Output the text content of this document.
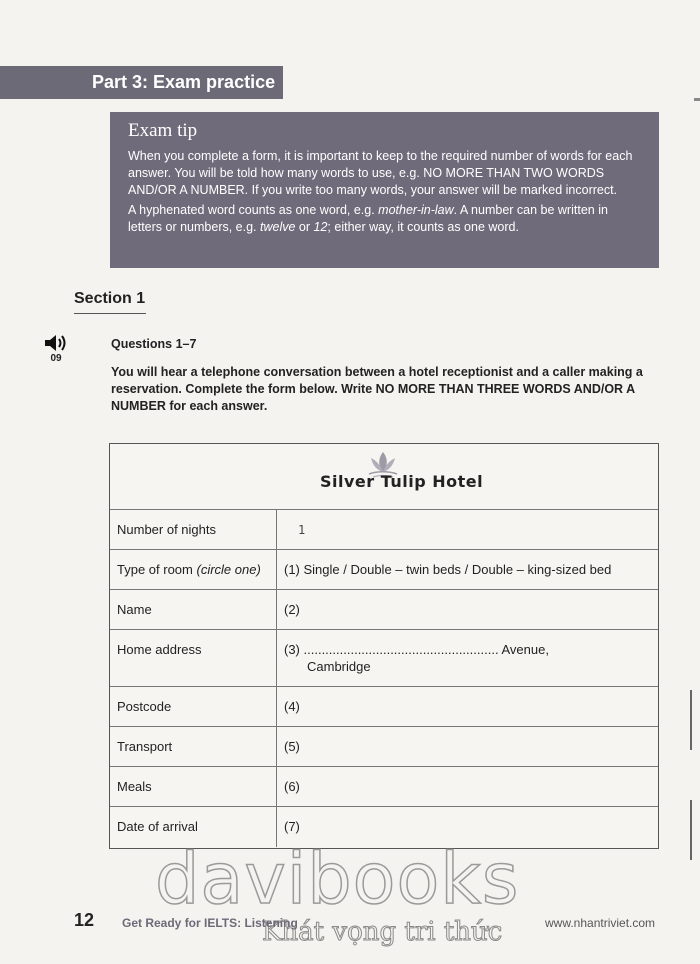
Part 3: Exam practice
Exam tip

When you complete a form, it is important to keep to the required number of words for each answer. You will be told how many words to use, e.g. NO MORE THAN TWO WORDS AND/OR A NUMBER. If you write too many words, your answer will be marked incorrect.

A hyphenated word counts as one word, e.g. mother-in-law. A number can be written in letters or numbers, e.g. twelve or 12; either way, it counts as one word.

Section 1
09
Questions 1–7
You will hear a telephone conversation between a hotel receptionist and a caller making a reservation. Complete the form below. Write NO MORE THAN THREE WORDS AND/OR A NUMBER for each answer.
Silver Tulip Hotel
Number of nights	1
Type of room (circle one)	(1) Single / Double – twin beds / Double – king-sized bed
Name	(2)
Home address	(3) ...................................................... Avenue,
Cambridge
Postcode	(4)
Transport	(5)
Meals	(6)
Date of arrival	(7)
davibooks
Khát vọng tri thức
12 Get Ready for IELTS: Listening	www.nhantriviet.com
